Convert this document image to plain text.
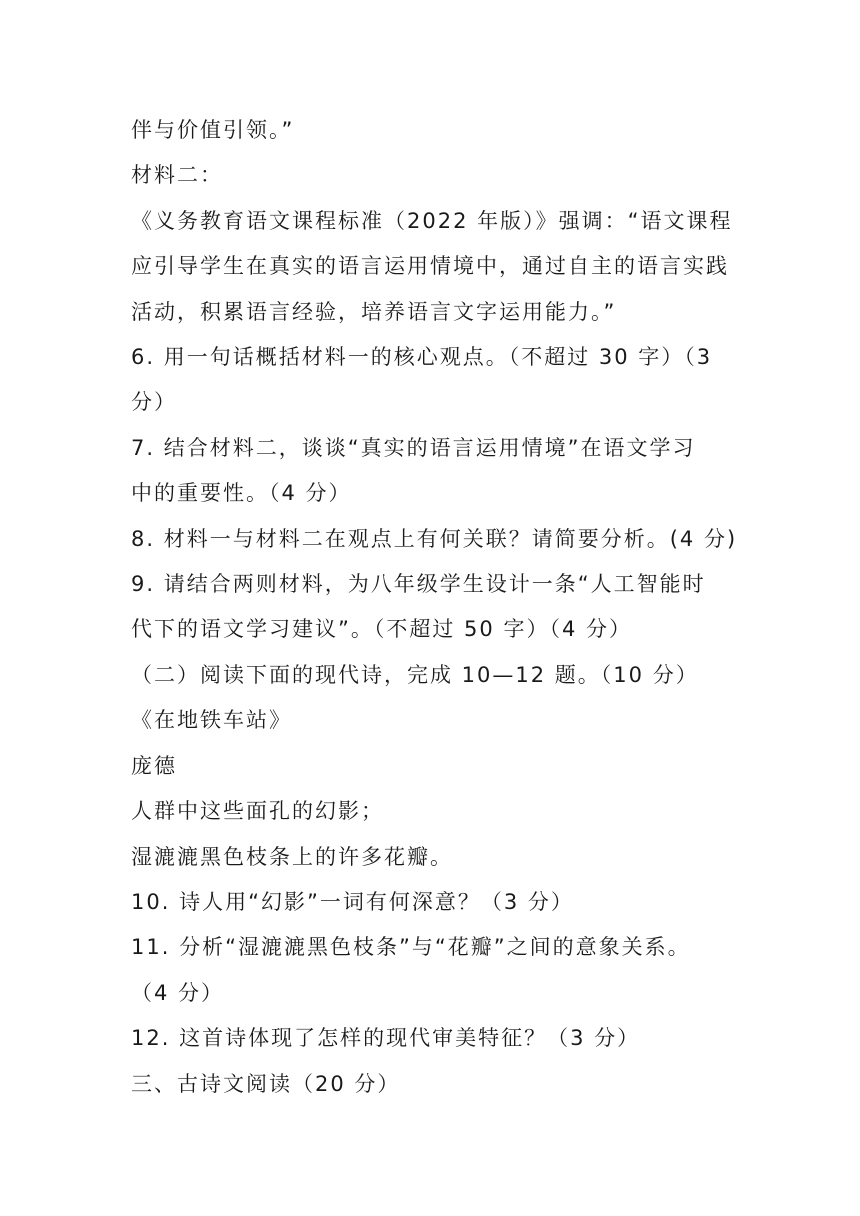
伴与价值引领。”
材料二：
《义务教育语文课程标准（2022 年版）》强调：“语文课程
应引导学生在真实的语言运用情境中，通过自主的语言实践
活动，积累语言经验，培养语言文字运用能力。”
6. 用一句话概括材料一的核心观点。（不超过 30 字）（3
分）
7. 结合材料二，谈谈“真实的语言运用情境”在语文学习
中的重要性。（4 分）
8. 材料一与材料二在观点上有何关联？请简要分析。(4 分)
9. 请结合两则材料，为八年级学生设计一条“人工智能时
代下的语文学习建议”。（不超过 50 字）（4 分）
（二）阅读下面的现代诗，完成 10—12 题。（10 分）
《在地铁车站》
庞德
人群中这些面孔的幻影；
湿漉漉黑色枝条上的许多花瓣。
10. 诗人用“幻影”一词有何深意？（3 分）
11. 分析“湿漉漉黑色枝条”与“花瓣”之间的意象关系。
（4 分）
12. 这首诗体现了怎样的现代审美特征？（3 分）
三、古诗文阅读（20 分）
